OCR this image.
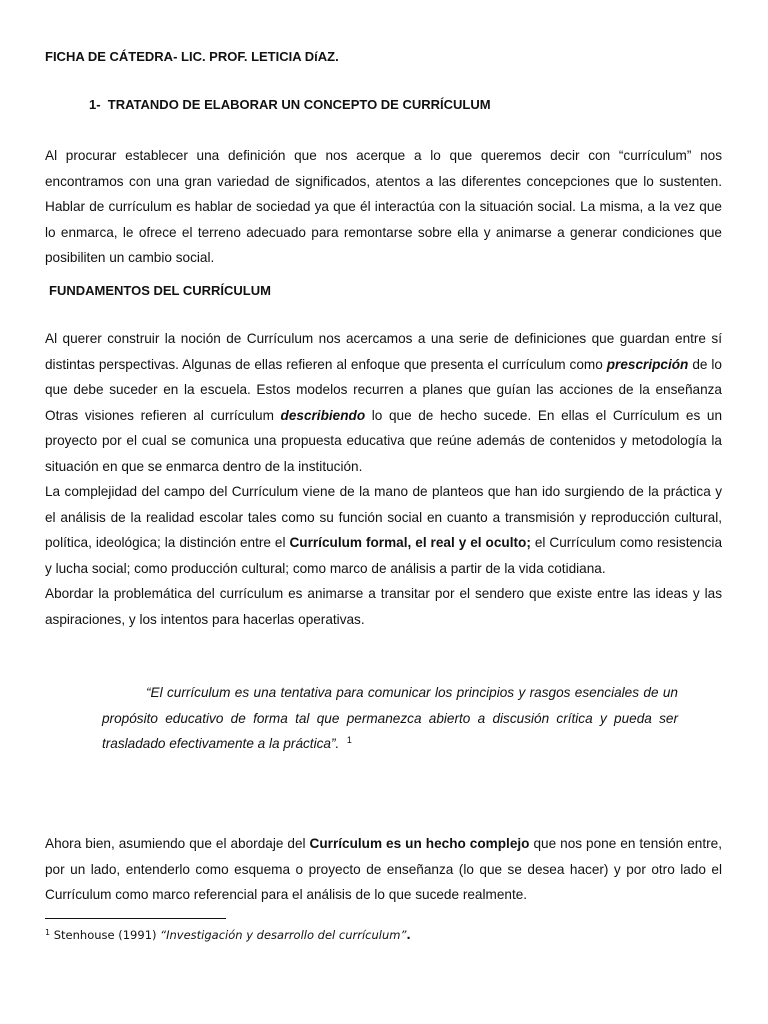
FICHA DE CÁTEDRA- LIC. PROF. LETICIA DíAZ.
1- TRATANDO DE ELABORAR UN CONCEPTO DE CURRÍCULUM

Al procurar establecer una definición que nos acerque a lo que queremos decir con “currículum” nos encontramos con una gran variedad de significados, atentos a las diferentes concepciones que lo sustenten. Hablar de currículum es hablar de sociedad ya que él interactúa con la situación social. La misma, a la vez que lo enmarca, le ofrece el terreno adecuado para remontarse sobre ella y animarse a generar condiciones que posibiliten un cambio social.

FUNDAMENTOS DEL CURRÍCULUM

Al querer construir la noción de Currículum nos acercamos a una serie de definiciones que guardan entre sí distintas perspectivas. Algunas de ellas refieren al enfoque que presenta el currículum como prescripción de lo que debe suceder en la escuela. Estos modelos recurren a planes que guían las acciones de la enseñanza Otras visiones refieren al currículum describiendo lo que de hecho sucede. En ellas el Currículum es un proyecto por el cual se comunica una propuesta educativa que reúne además de contenidos y metodología la situación en que se enmarca dentro de la institución.

La complejidad del campo del Currículum viene de la mano de planteos que han ido surgiendo de la práctica y el análisis de la realidad escolar tales como su función social en cuanto a transmisión y reproducción cultural, política, ideológica; la distinción entre el Currículum formal, el real y el oculto; el Currículum como resistencia y lucha social; como producción cultural; como marco de análisis a partir de la vida cotidiana.

Abordar la problemática del currículum es animarse a transitar por el sendero que existe entre las ideas y las aspiraciones, y los intentos para hacerlas operativas.

“El currículum es una tentativa para comunicar los principios y rasgos esenciales de un propósito educativo de forma tal que permanezca abierto a discusión crítica y pueda ser trasladado efectivamente a la práctica”. $^1$

Ahora bien, asumiendo que el abordaje del Currículum es un hecho complejo que nos pone en tensión entre, por un lado, entenderlo como esquema o proyecto de enseñanza (lo que se desea hacer) y por otro lado el Currículum como marco referencial para el análisis de lo que sucede realmente.

$^1$ Stenhouse (1991) “Investigación y desarrollo del currículum”.
